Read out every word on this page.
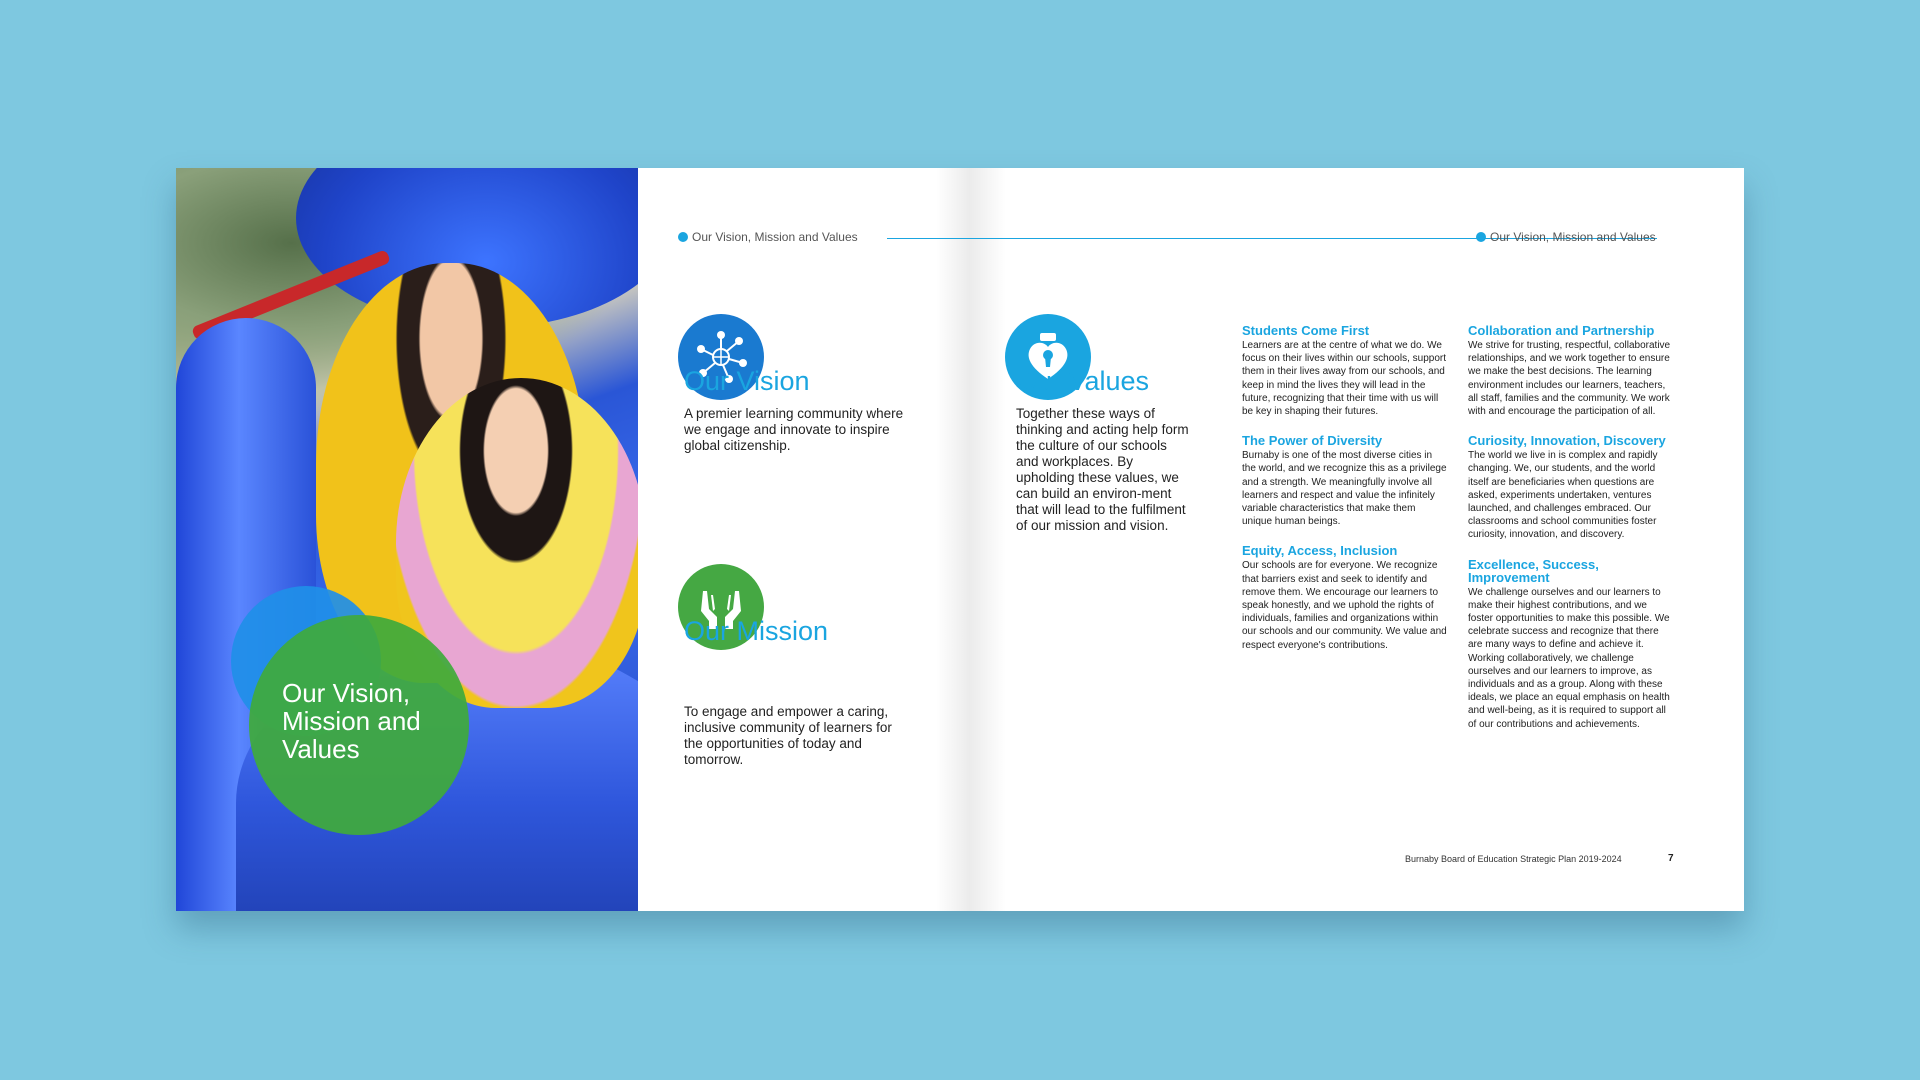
Our Vision, Mission and Values
Our Vision, Mission and Values	Our Vision, Mission and Values
Our Vision
A premier learning community where we engage and innovate to inspire global citizenship.
Our Mission
To engage and empower a caring, inclusive community of learners for the opportunities of today and tomorrow.
Our Values
Together these ways of thinking and acting help form the culture of our schools and workplaces. By upholding these values, we can build an environ-ment that will lead to the fulfilment of our mission and vision.
Students Come First
Learners are at the centre of what we do. We focus on their lives within our schools, support them in their lives away from our schools, and keep in mind the lives they will lead in the future, recognizing that their time with us will be key in shaping their futures.
The Power of Diversity
Burnaby is one of the most diverse cities in the world, and we recognize this as a privilege and a strength. We meaningfully involve all learners and respect and value the infinitely variable characteristics that make them unique human beings.
Equity, Access, Inclusion
Our schools are for everyone. We recognize that barriers exist and seek to identify and remove them. We encourage our learners to speak honestly, and we uphold the rights of individuals, families and organizations within our schools and our community. We value and respect everyone's contributions.
Collaboration and Partnership
We strive for trusting, respectful, collaborative relationships, and we work together to ensure we make the best decisions. The learning environment includes our learners, teachers, all staff, families and the community. We work with and encourage the participation of all.
Curiosity, Innovation, Discovery
The world we live in is complex and rapidly changing. We, our students, and the world itself are beneficiaries when questions are asked, experiments undertaken, ventures launched, and challenges embraced. Our classrooms and school communities foster curiosity, innovation, and discovery.
Excellence, Success, Improvement
We challenge ourselves and our learners to make their highest contributions, and we foster opportunities to make this possible. We celebrate success and recognize that there are many ways to define and achieve it. Working collaboratively, we challenge ourselves and our learners to improve, as individuals and as a group. Along with these ideals, we place an equal emphasis on health and well-being, as it is required to support all of our contributions and achievements.
Burnaby Board of Education Strategic Plan 2019-2024	7
